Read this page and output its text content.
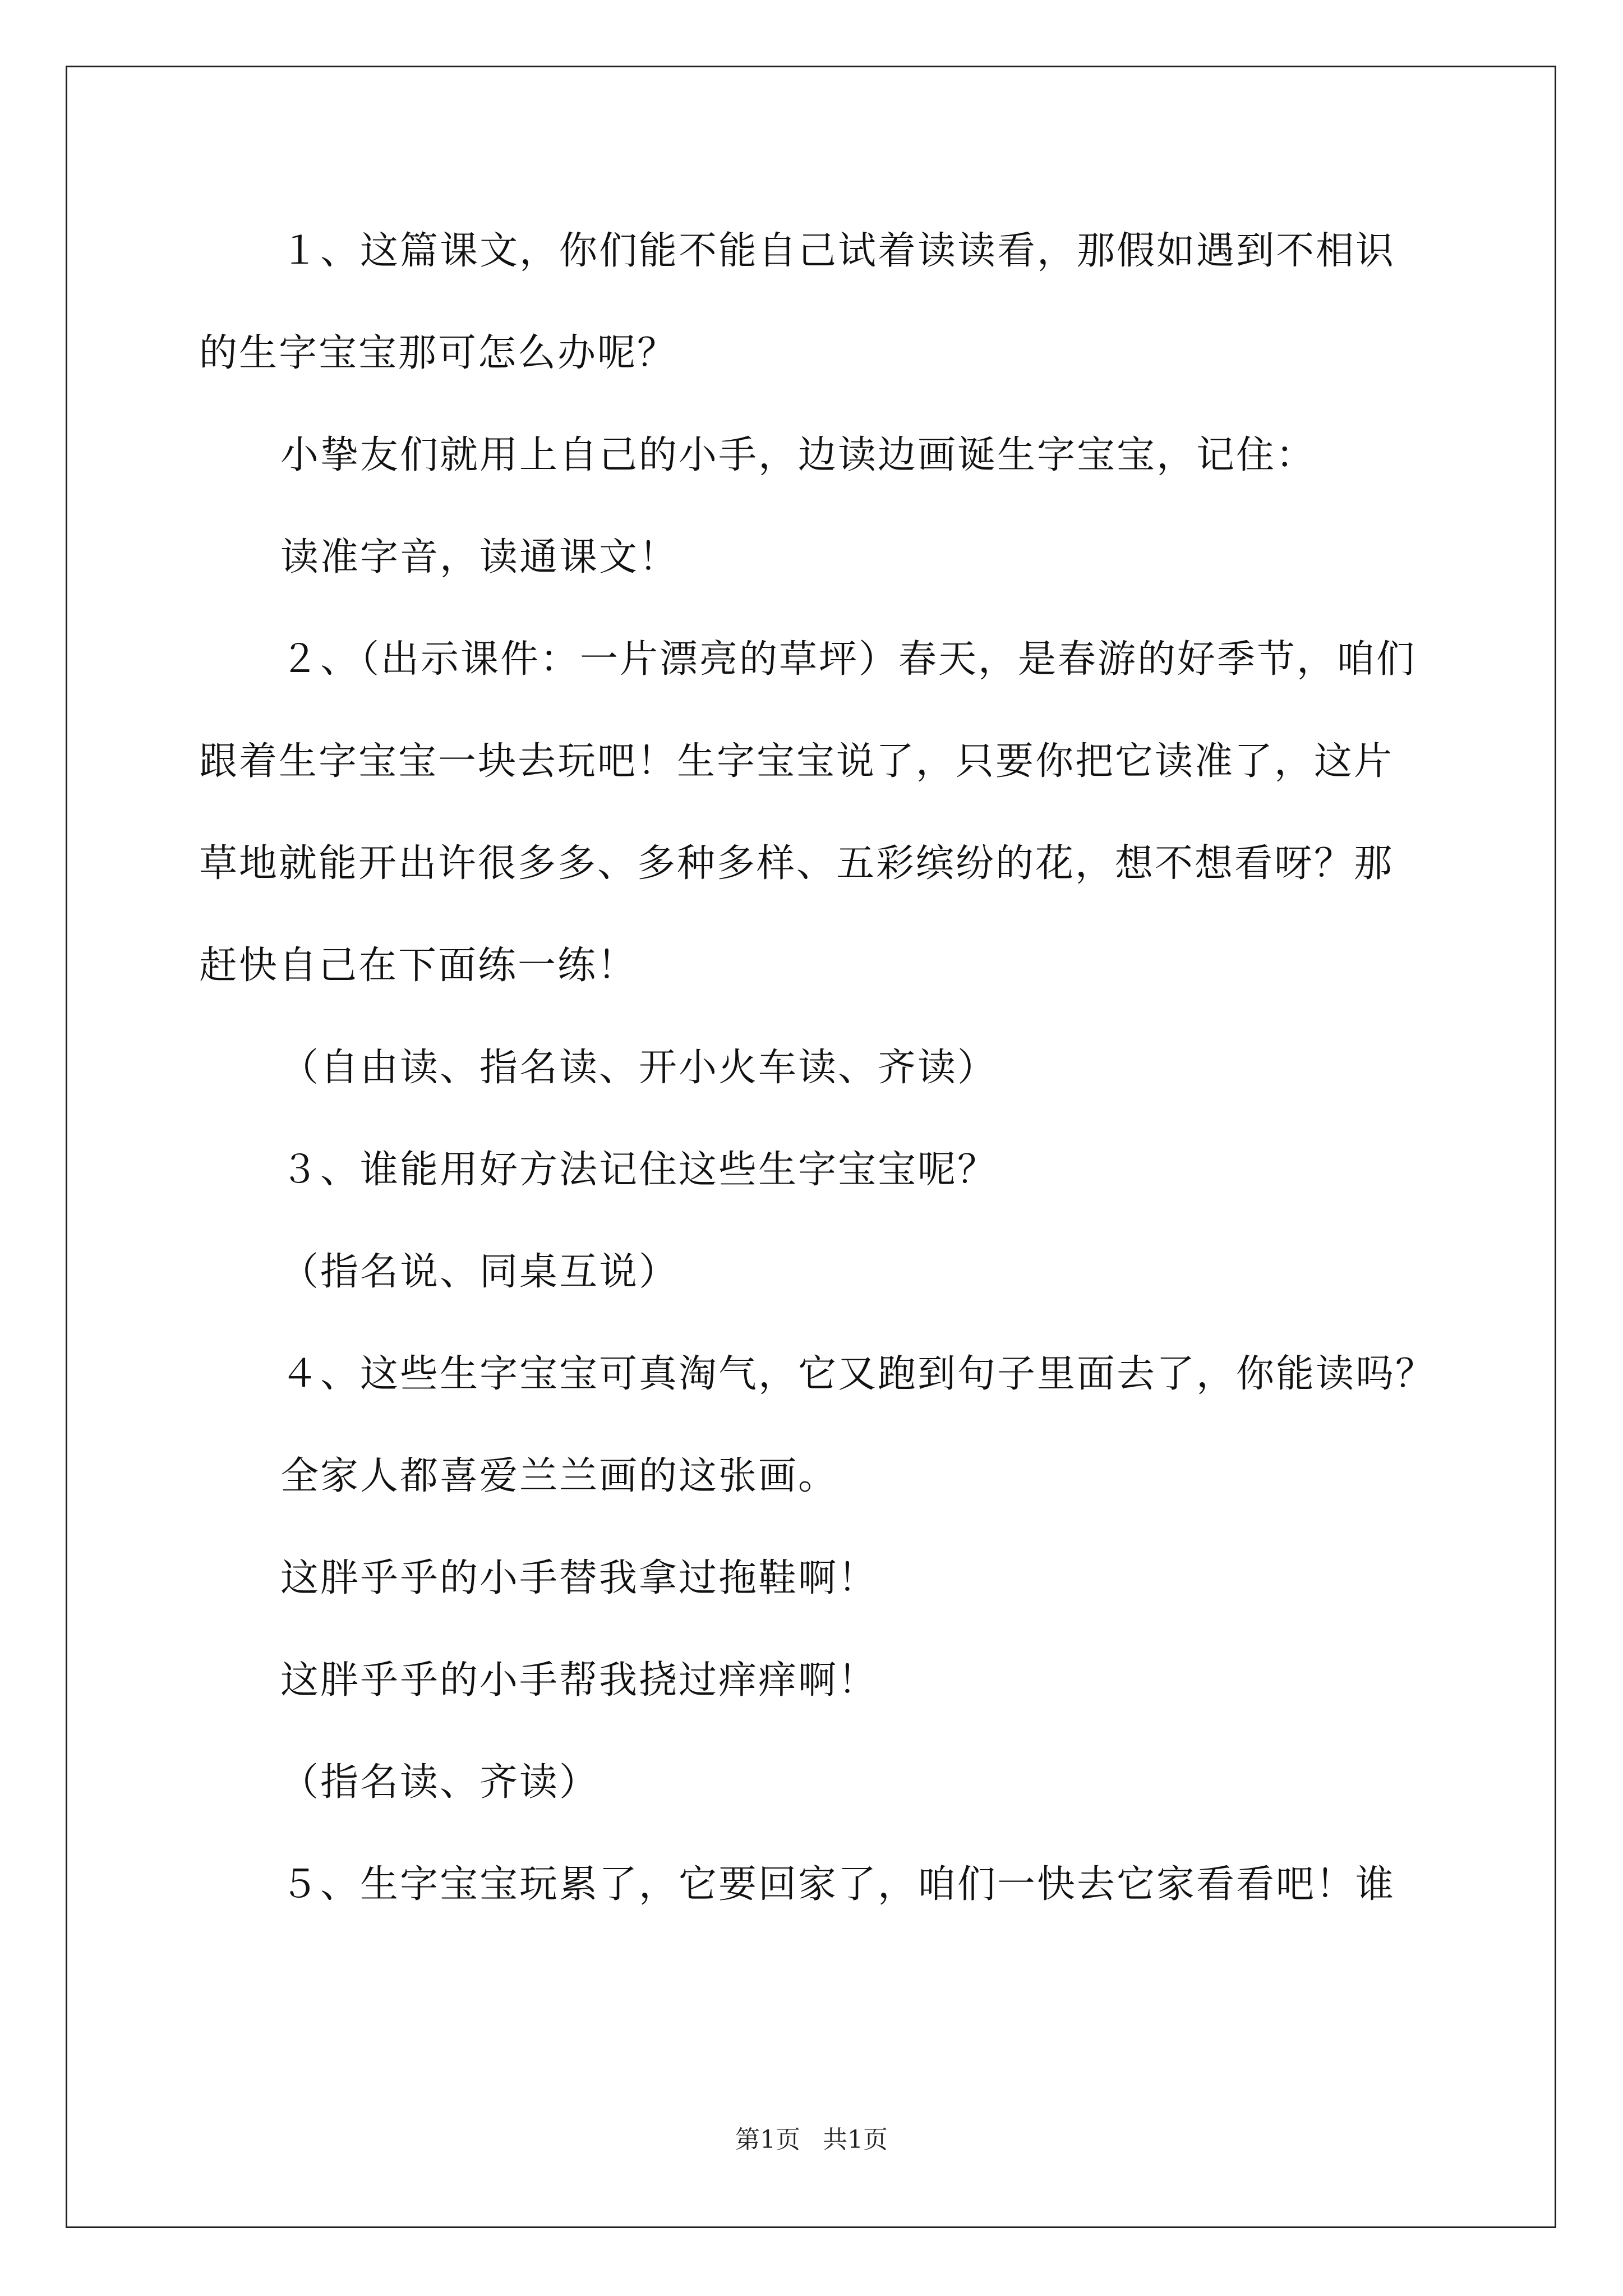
１、这篇课文，你们能不能自己试着读读看，那假如遇到不相识
的生字宝宝那可怎么办呢？
小挚友们就用上自己的小手，边读边画诞生字宝宝，记住：
读准字音，读通课文！
２、（出示课件：一片漂亮的草坪）春天，是春游的好季节，咱们
跟着生字宝宝一块去玩吧！生字宝宝说了，只要你把它读准了，这片
草地就能开出许很多多、多种多样、五彩缤纷的花，想不想看呀？那
赶快自己在下面练一练！
（自由读、指名读、开小火车读、齐读）
３、谁能用好方法记住这些生字宝宝呢？
（指名说、同桌互说）
４、这些生字宝宝可真淘气，它又跑到句子里面去了，你能读吗？
全家人都喜爱兰兰画的这张画。
这胖乎乎的小手替我拿过拖鞋啊！
这胖乎乎的小手帮我挠过痒痒啊！
（指名读、齐读）
５、生字宝宝玩累了，它要回家了，咱们一快去它家看看吧！谁
第1页 共1页
